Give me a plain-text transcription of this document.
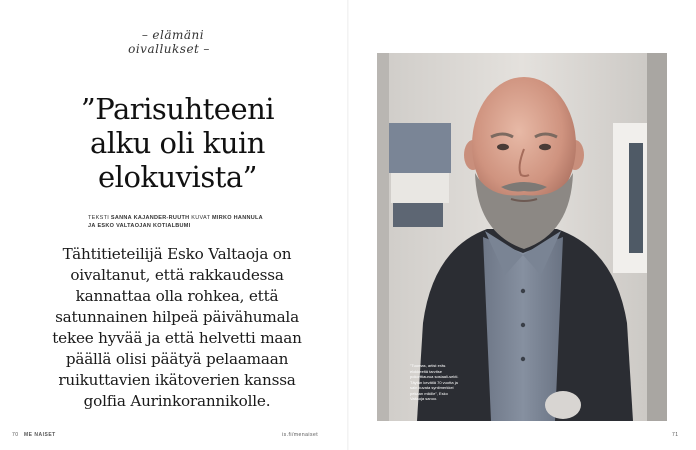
– elämäni oivallukset –
”Parisuhteeni
alku oli kuin
elokuvista”
TEKSTI SANNA KAJANDER-RUUTH KUVAT MIRKO HANNULA
JA ESKO VALTAOJAN KOTIALBUMI

Tähtitieteilijä Esko Valtaoja on oivaltanut, että rakkaudessa kannattaa olla rohkea, että satunnainen hilpeä päivähumala tekee hyvää ja että helvetti maan päällä olisi päätyä pelaamaan ruikuttavien ikätoverien kanssa golfia Aurinkorannikolle.

70 ME NAISET	is.fi/menaiset	71
”Tuomas, artist eräs elokkeeltä tarvitse pokorttiaurua sosiaali-sekti. Täytän kevätlä 70 vuotta ja sain kuvata syntimerkkei pekaan mikille”, Esko Valtaoja sanoo.
